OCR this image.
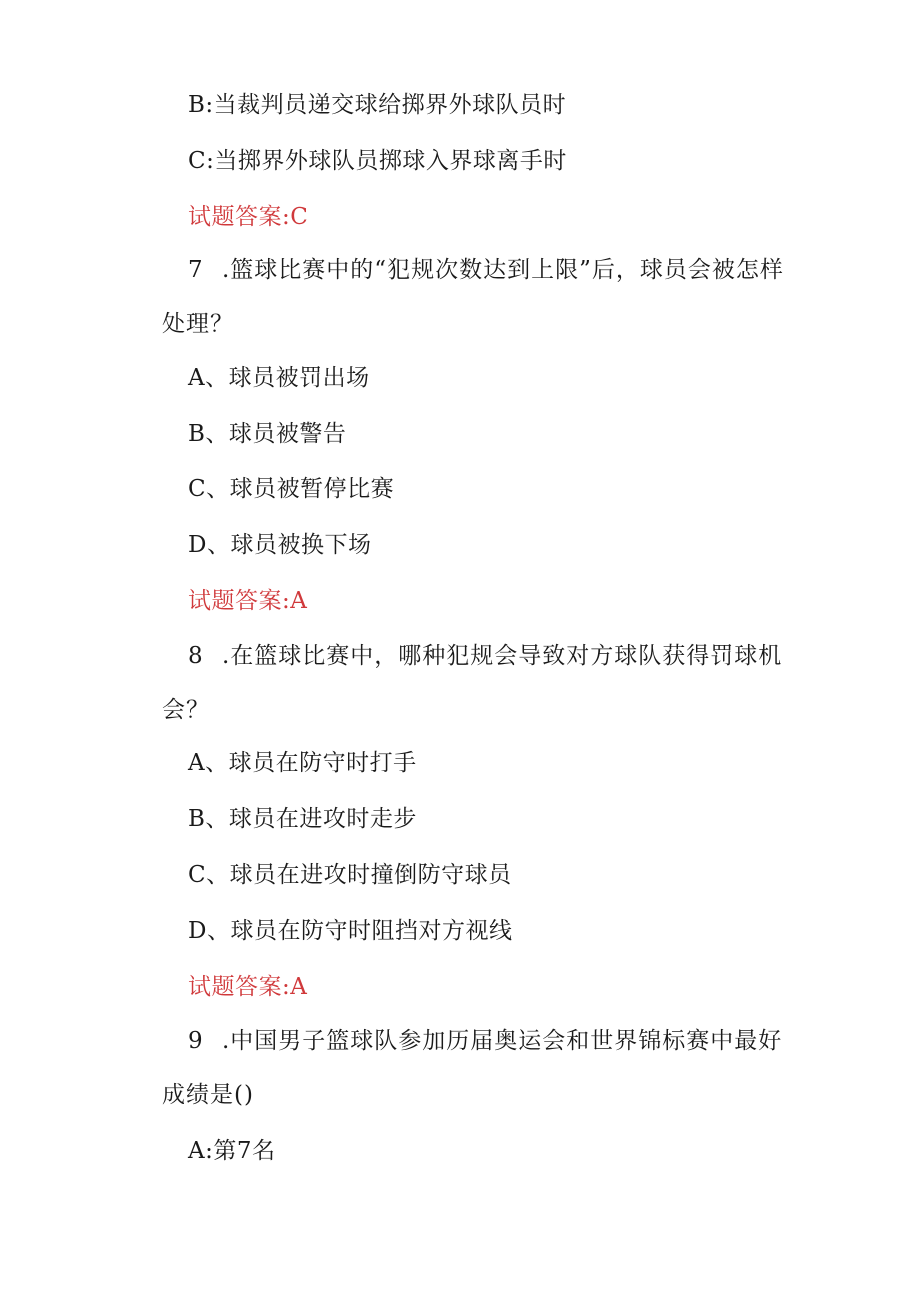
B:当裁判员递交球给掷界外球队员时
C:当掷界外球队员掷球入界球离手时
试题答案:C
7 .篮球比赛中的“犯规次数达到上限”后，球员会被怎样处理？
A、球员被罚出场
B、球员被警告
C、球员被暂停比赛
D、球员被换下场
试题答案:A
8 .在篮球比赛中，哪种犯规会导致对方球队获得罚球机会？
A、球员在防守时打手
B、球员在进攻时走步
C、球员在进攻时撞倒防守球员
D、球员在防守时阻挡对方视线
试题答案:A
9 .中国男子篮球队参加历届奥运会和世界锦标赛中最好成绩是()
A:第7名
